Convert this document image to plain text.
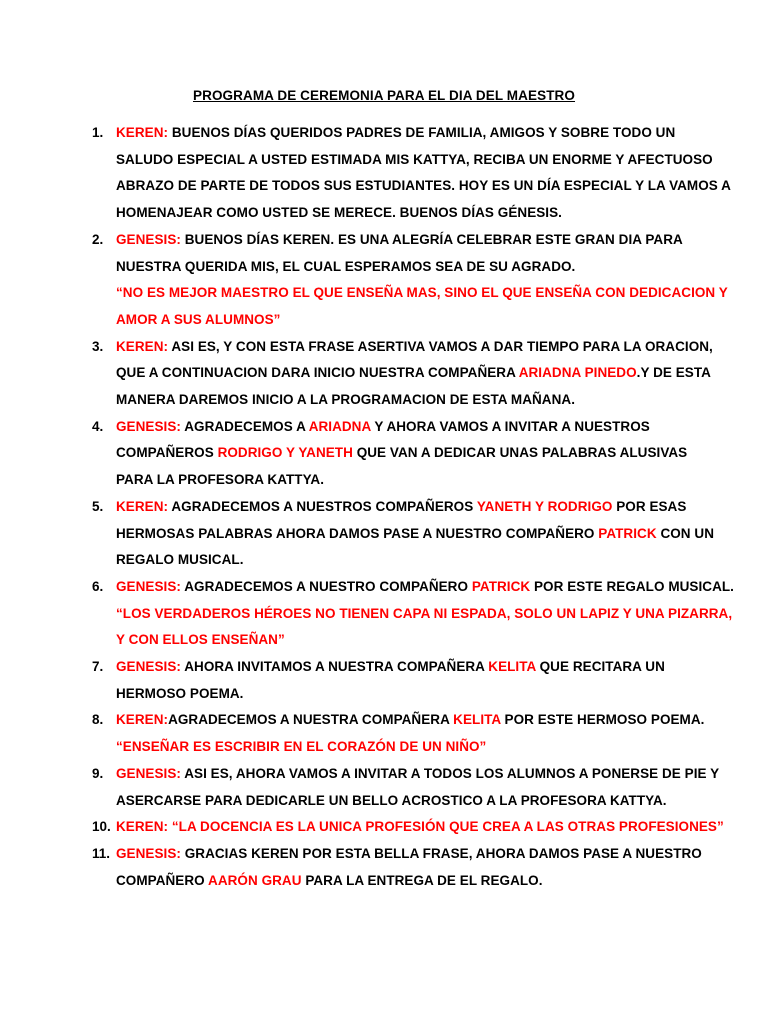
PROGRAMA DE CEREMONIA PARA EL DIA DEL MAESTRO
1. KEREN: BUENOS DÍAS QUERIDOS PADRES DE FAMILIA, AMIGOS Y SOBRE TODO UN
SALUDO ESPECIAL A USTED ESTIMADA MIS KATTYA, RECIBA UN ENORME Y AFECTUOSO
ABRAZO DE PARTE DE TODOS SUS ESTUDIANTES. HOY ES UN DÍA ESPECIAL Y LA VAMOS A
HOMENAJEAR COMO USTED SE MERECE. BUENOS DÍAS GÉNESIS.
2. GENESIS: BUENOS DÍAS KEREN. ES UNA ALEGRÍA CELEBRAR ESTE GRAN DIA PARA
NUESTRA QUERIDA MIS, EL CUAL ESPERAMOS SEA DE SU AGRADO.
“NO ES MEJOR MAESTRO EL QUE ENSEÑA MAS, SINO EL QUE ENSEÑA CON DEDICACION Y
AMOR A SUS ALUMNOS”
3. KEREN: ASI ES, Y CON ESTA FRASE ASERTIVA VAMOS A DAR TIEMPO PARA LA ORACION,
QUE A CONTINUACION DARA INICIO NUESTRA COMPAÑERA ARIADNA PINEDO.Y DE ESTA
MANERA DAREMOS INICIO A LA PROGRAMACION DE ESTA MAÑANA.
4. GENESIS: AGRADECEMOS A ARIADNA Y AHORA VAMOS A INVITAR A NUESTROS
COMPAÑEROS RODRIGO Y YANETH QUE VAN A DEDICAR UNAS PALABRAS ALUSIVAS
PARA LA PROFESORA KATTYA.
5. KEREN: AGRADECEMOS A NUESTROS COMPAÑEROS YANETH Y RODRIGO POR ESAS
HERMOSAS PALABRAS AHORA DAMOS PASE A NUESTRO COMPAÑERO PATRICK CON UN
REGALO MUSICAL.
6. GENESIS: AGRADECEMOS A NUESTRO COMPAÑERO PATRICK POR ESTE REGALO MUSICAL.
“LOS VERDADEROS HÉROES NO TIENEN CAPA NI ESPADA, SOLO UN LAPIZ Y UNA PIZARRA,
Y CON ELLOS ENSEÑAN”
7. GENESIS: AHORA INVITAMOS A NUESTRA COMPAÑERA KELITA QUE RECITARA UN
HERMOSO POEMA.
8. KEREN:AGRADECEMOS A NUESTRA COMPAÑERA KELITA POR ESTE HERMOSO POEMA.
“ENSEÑAR ES ESCRIBIR EN EL CORAZÓN DE UN NIÑO”
9. GENESIS: ASI ES, AHORA VAMOS A INVITAR A TODOS LOS ALUMNOS A PONERSE DE PIE Y
ASERCARSE PARA DEDICARLE UN BELLO ACROSTICO A LA PROFESORA KATTYA.
10. KEREN: “LA DOCENCIA ES LA UNICA PROFESIÓN QUE CREA A LAS OTRAS PROFESIONES”
11. GENESIS: GRACIAS KEREN POR ESTA BELLA FRASE, AHORA DAMOS PASE A NUESTRO
COMPAÑERO AARÓN GRAU PARA LA ENTREGA DE EL REGALO.
